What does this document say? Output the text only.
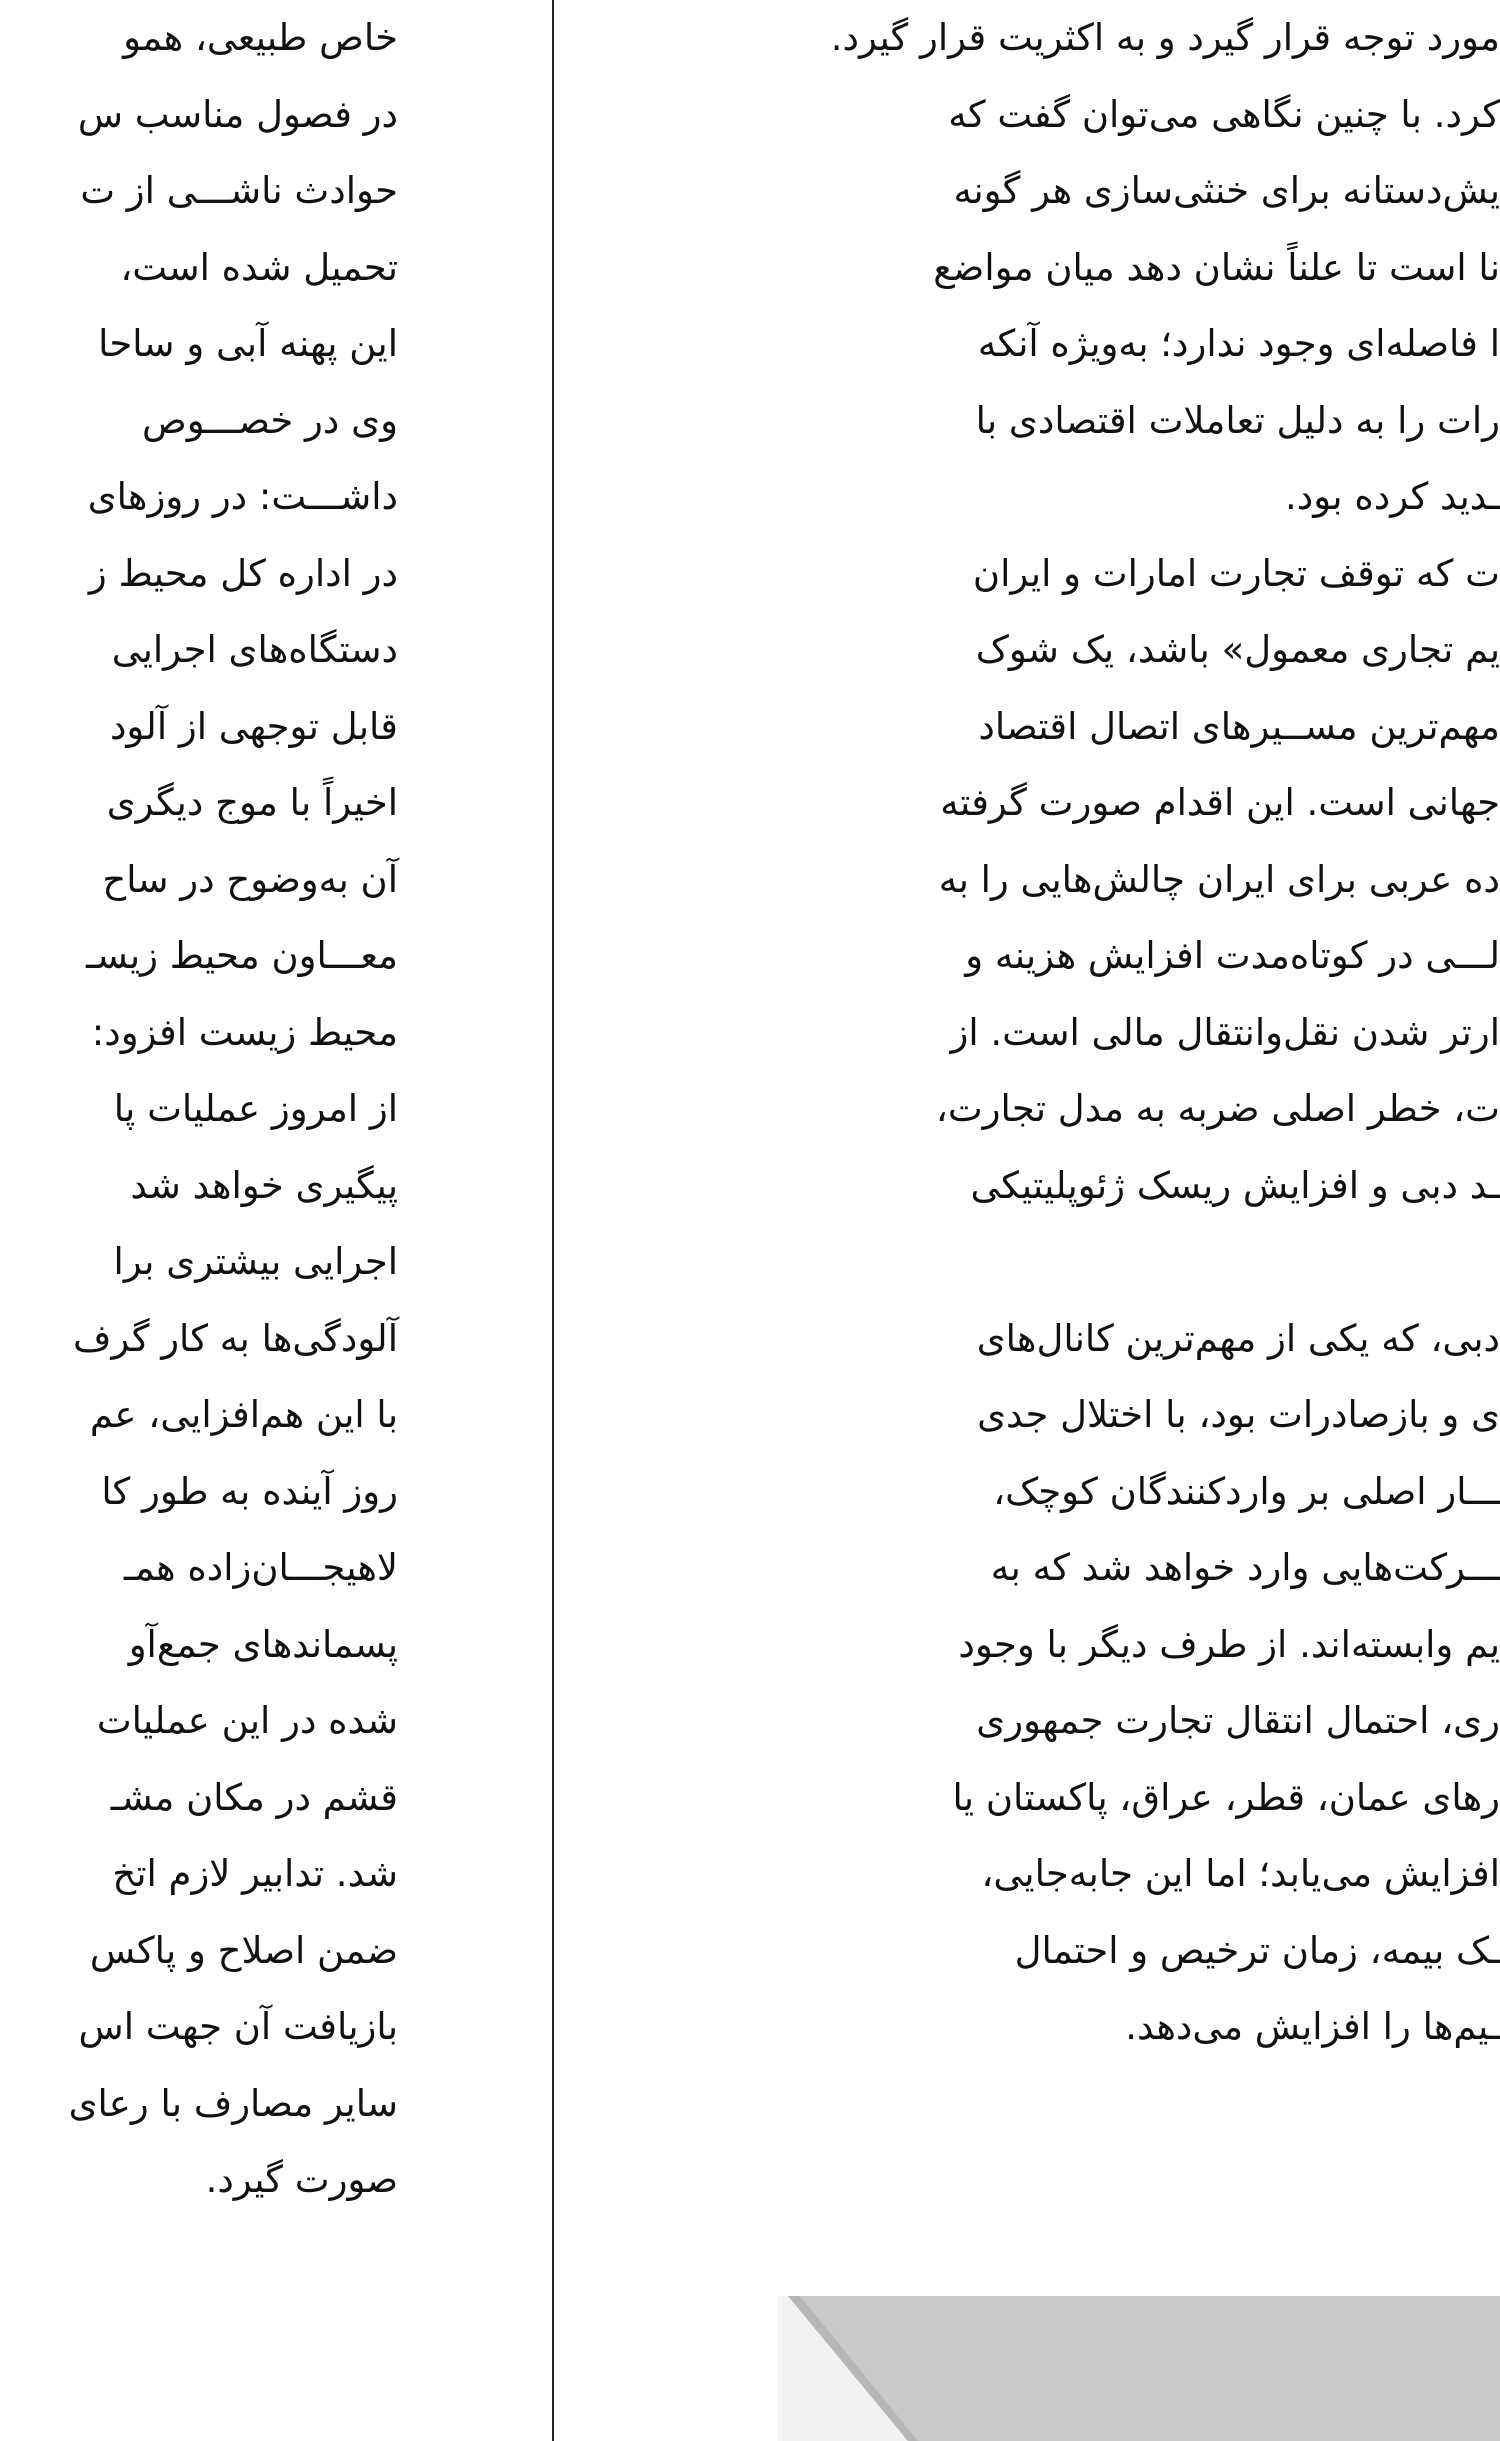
خاص طبیعی، همو
در فصول مناسب س
حوادث ناشـــی از ت
تحمیل شده است،
این پهنه آبی و ساحا
وی در خصـــوص
داشـــت: در روزهای
در اداره کل محیط ز
دستگاه‌های اجرایی
قابل توجهی از آلود
اخیراً با موج دیگری
آن به‌وضوح در ساح
معـــاون محیط زیسـ
محیط زیست افزود:
از امروز عملیات پا
پیگیری خواهد شد
اجرایی بیشتری برا
آلودگی‌ها به کار گرف
با این هم‌افزایی، عم
روز آینده به طور کا
لاهیجـــان‌زاده همـ
پسماندهای جمع‌آو
شده در این عملیات
قشم در مکان مشـ
شد. تدابیر لازم اتخ
ضمن اصلاح و پاکس
بازیافت آن جهت اس
سایر مصارف با رعای
صورت گیرد.
مورد توجه قرار گیرد و به اکثریت قرار گیرد.
کرد. با چنین نگاهی می‌توان گفت که
یش‌دستانه برای خنثی‌سازی هر گونه
نا است تا علناً نشان دهد میان مواضع
ا فاصله‌ای وجود ندارد؛ به‌ویژه آنکه
رات را به دلیل تعاملات اقتصادی با
ـدید کرده بود.
ت که توقف تجارت امارات و ایران
یم تجاری معمول» باشد، یک شوک
مهم‌ترین مســیرهای اتصال اقتصاد
جهانی است. این اقدام صورت گرفته
ده عربی برای ایران چالش‌هایی را به
لـــی در کوتاه‌مدت افزایش هزینه و
ارتر شدن نقل‌وانتقال مالی است. از
ت، خطر اصلی ضربه به مدل تجارت،
ـد دبی و افزایش ریسک ژئوپلیتیکی
دبی، که یکی از مهم‌ترین کانال‌های
ی و بازصادرات بود، با اختلال جدی
ـــار اصلی بر واردکنندگان کوچک،
ـــرکت‌هایی وارد خواهد شد که به
یم وابسته‌اند. از طرف دیگر با وجود
ری، احتمال انتقال تجارت جمهوری
رهای عمان، قطر، عراق، پاکستان یا
افزایش می‌یابد؛ اما این جابه‌جایی،
ـک بیمه، زمان ترخیص و احتمال
ـیم‌ها را افزایش می‌دهد.
